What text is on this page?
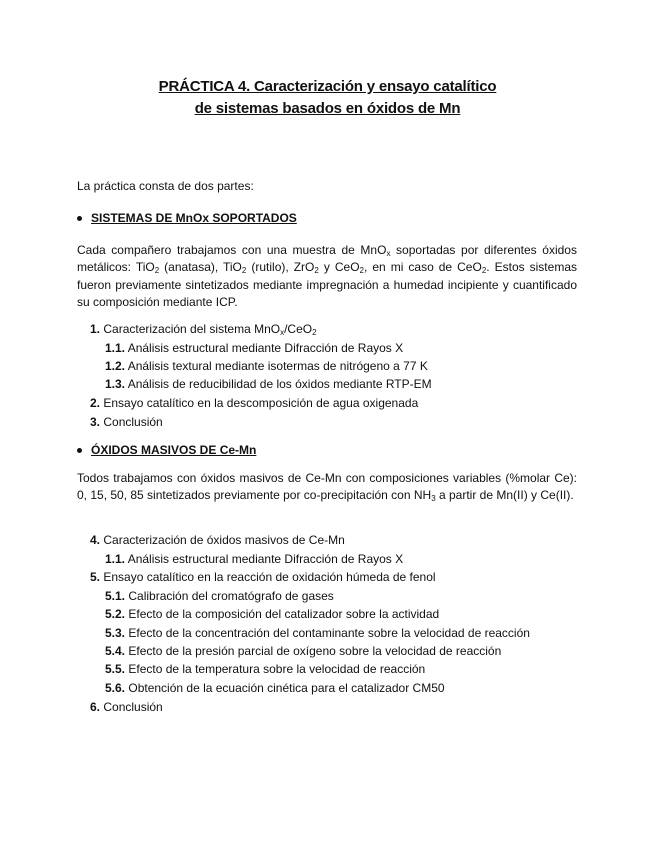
PRÁCTICA 4. Caracterización y ensayo catalítico
de sistemas basados en óxidos de Mn
La práctica consta de dos partes:
SISTEMAS DE MnOx SOPORTADOS
Cada compañero trabajamos con una muestra de MnO$_x$ soportadas por diferentes óxidos metálicos: TiO$_2$ (anatasa), TiO$_2$ (rutilo), ZrO$_2$ y CeO$_2$, en mi caso de CeO$_2$. Estos sistemas fueron previamente sintetizados mediante impregnación a humedad incipiente y cuantificado su composición mediante ICP.
1. Caracterización del sistema MnO$_x$/CeO$_2$
1.1. Análisis estructural mediante Difracción de Rayos X
1.2. Análisis textural mediante isotermas de nitrógeno a 77 K
1.3. Análisis de reducibilidad de los óxidos mediante RTP-EM
2. Ensayo catalítico en la descomposición de agua oxigenada
3. Conclusión
ÓXIDOS MASIVOS DE Ce-Mn
Todos trabajamos con óxidos masivos de Ce-Mn con composiciones variables (%molar Ce): 0, 15, 50, 85 sintetizados previamente por co-precipitación con $NH_3$ a partir de Mn(II) y Ce(II).
4. Caracterización de óxidos masivos de Ce-Mn
1.1. Análisis estructural mediante Difracción de Rayos X
5. Ensayo catalítico en la reacción de oxidación húmeda de fenol
5.1. Calibración del cromatógrafo de gases
5.2. Efecto de la composición del catalizador sobre la actividad
5.3. Efecto de la concentración del contaminante sobre la velocidad de reacción
5.4. Efecto de la presión parcial de oxígeno sobre la velocidad de reacción
5.5. Efecto de la temperatura sobre la velocidad de reacción
5.6. Obtención de la ecuación cinética para el catalizador CM50
6. Conclusión
